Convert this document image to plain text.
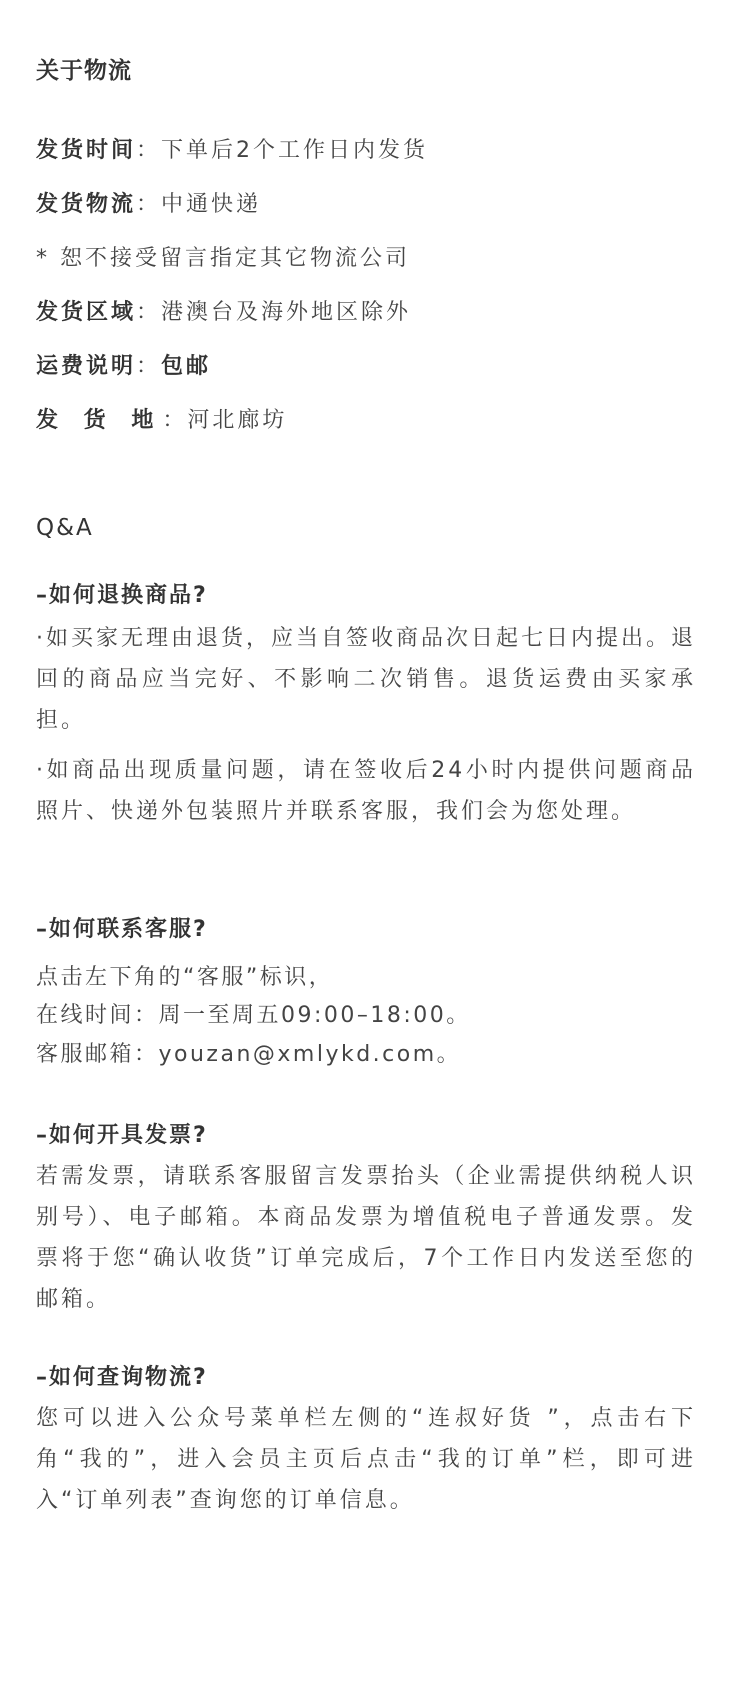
关于物流
发货时间：下单后2个工作日内发货
发货物流：中通快递
* 恕不接受留言指定其它物流公司
发货区域：港澳台及海外地区除外
运费说明：包邮
发 货 地：河北廊坊
Q&A
–如何退换商品?
·如买家无理由退货，应当自签收商品次日起七日内提出。退回的商品应当完好、不影响二次销售。退货运费由买家承担。
·如商品出现质量问题，请在签收后24小时内提供问题商品照片、快递外包装照片并联系客服，我们会为您处理。
–如何联系客服?
点击左下角的“客服”标识，
在线时间：周一至周五09:00–18:00。
客服邮箱：youzan@xmlykd.com。
–如何开具发票?
若需发票，请联系客服留言发票抬头（企业需提供纳税人识别号）、电子邮箱。本商品发票为增值税电子普通发票。发票将于您“确认收货”订单完成后，7个工作日内发送至您的邮箱。
–如何查询物流?
您可以进入公众号菜单栏左侧的“连叔好货 ”，点击右下角“我的”，进入会员主页后点击“我的订单”栏，即可进入“订单列表”查询您的订单信息。
